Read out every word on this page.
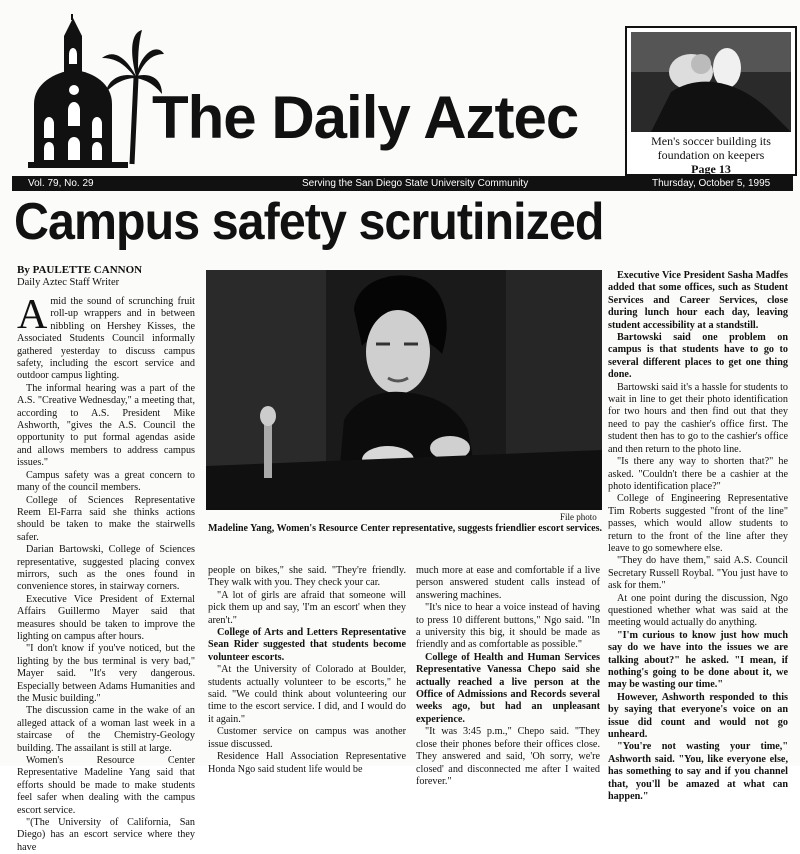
The Daily Aztec	Men's soccer building its foundation on keepers
Page 13
Vol. 79, No. 29	Serving the San Diego State University Community	Thursday, October 5, 1995
Campus safety scrutinized
By PAULETTE CANNON
Daily Aztec Staff Writer

Amid the sound of scrunching fruit roll-up wrappers and in between nibbling on Hershey Kisses, the Associated Students Council informally gathered yesterday to discuss campus safety, including the escort service and outdoor campus lighting.

The informal hearing was a part of the A.S. "Creative Wednesday," a meeting that, according to A.S. President Mike Ashworth, "gives the A.S. Council the opportunity to put formal agendas aside and allows members to address campus issues."

Campus safety was a great concern to many of the council members.

College of Sciences Representative Reem El-Farra said she thinks actions should be taken to make the stairwells safer.

Darian Bartowski, College of Sciences representative, suggested placing convex mirrors, such as the ones found in convenience stores, in stairway corners.

Executive Vice President of External Affairs Guillermo Mayer said that measures should be taken to improve the lighting on campus after hours.

"I don't know if you've noticed, but the lighting by the bus terminal is very bad," Mayer said. "It's very dangerous. Especially between Adams Humanities and the Music building."

The discussion came in the wake of an alleged attack of a woman last week in a staircase of the Chemistry-Geology building. The assailant is still at large.

Women's Resource Center Representative Madeline Yang said that efforts should be made to make students feel safer when dealing with the campus escort service.

"(The University of California, San Diego) has an escort service where they have

File photo
Madeline Yang, Women's Resource Center representative, suggests friendlier escort services.

people on bikes," she said. "They're friendly. They walk with you. They check your car.

"A lot of girls are afraid that someone will pick them up and say, 'I'm an escort' when they aren't."

College of Arts and Letters Representative Sean Rider suggested that students become volunteer escorts.

"At the University of Colorado at Boulder, students actually volunteer to be escorts," he said. "We could think about volunteering our time to the escort service. I did, and I would do it again."

Customer service on campus was another issue discussed.

Residence Hall Association Representative Honda Ngo said student life would be

much more at ease and comfortable if a live person answered student calls instead of answering machines.

"It's nice to hear a voice instead of having to press 10 different buttons," Ngo said. "In a university this big, it should be made as friendly and as comfortable as possible."

College of Health and Human Services Representative Vanessa Chepo said she actually reached a live person at the Office of Admissions and Records several weeks ago, but had an unpleasant experience.

"It was 3:45 p.m.," Chepo said. "They close their phones before their offices close. They answered and said, 'Oh sorry, we're closed' and disconnected me after I waited forever."

Executive Vice President Sasha Madfes added that some offices, such as Student Services and Career Services, close during lunch hour each day, leaving student accessibility at a standstill.

Bartowski said one problem on campus is that students have to go to several different places to get one thing done.

Bartowski said it's a hassle for students to wait in line to get their photo identification for two hours and then find out that they need to pay the cashier's office first. The student then has to go to the cashier's office and then return to the photo line.

"Is there any way to shorten that?" he asked. "Couldn't there be a cashier at the photo identification place?"

College of Engineering Representative Tim Roberts suggested "front of the line" passes, which would allow students to return to the front of the line after they leave to go somewhere else.

"They do have them," said A.S. Council Secretary Russell Roybal. "You just have to ask for them."

At one point during the discussion, Ngo questioned whether what was said at the meeting would actually do anything.

"I'm curious to know just how much say do we have into the issues we are talking about?" he asked. "I mean, if nothing's going to be done about it, we may be wasting our time."

However, Ashworth responded to this by saying that everyone's voice on an issue did count and would not go unheard.

"You're not wasting your time," Ashworth said. "You, like everyone else, has something to say and if you channel that, you'll be amazed at what can happen."
